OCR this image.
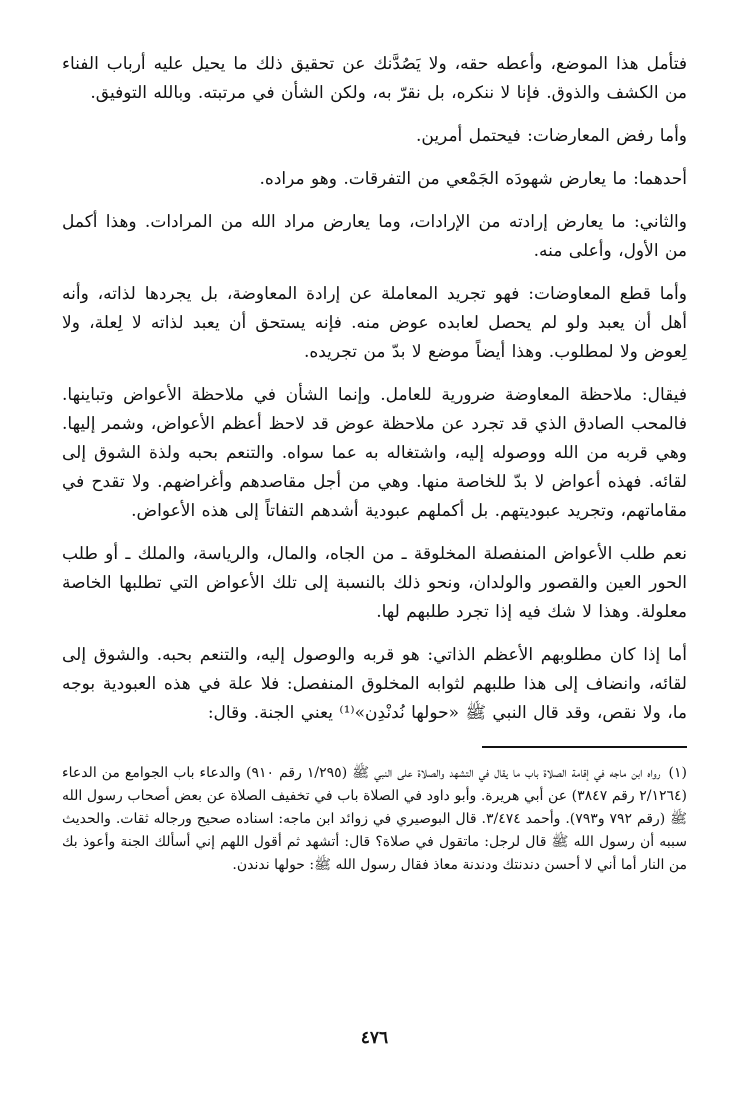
فتأمل هذا الموضع، وأعطه حقه، ولا يَصُدَّنك عن تحقيق ذلك ما يحيل عليه أرباب الفناء من الكشف والذوق. فإنا لا ننكره، بل نقرّ به، ولكن الشأن في مرتبته. وبالله التوفيق.

وأما رفض المعارضات: فيحتمل أمرين.

أحدهما: ما يعارض شهودَه الجَمْعي من التفرقات. وهو مراده.

والثاني: ما يعارض إرادته من الإرادات، وما يعارض مراد الله من المرادات. وهذا أكمل من الأول، وأعلى منه.

وأما قطع المعاوضات: فهو تجريد المعاملة عن إرادة المعاوضة، بل يجردها لذاته، وأنه أهل أن يعبد ولو لم يحصل لعابده عوض منه. فإنه يستحق أن يعبد لذاته لا لِعلة، ولا لِعوض ولا لمطلوب. وهذا أيضاً موضع لا بدّ من تجريده.

فيقال: ملاحظة المعاوضة ضرورية للعامل. وإنما الشأن في ملاحظة الأعواض وتباينها. فالمحب الصادق الذي قد تجرد عن ملاحظة عوض قد لاحظ أعظم الأعواض، وشمر إليها. وهي قربه من الله ووصوله إليه، واشتغاله به عما سواه. والتنعم بحبه ولذة الشوق إلى لقائه. فهذه أعواض لا بدّ للخاصة منها. وهي من أجل مقاصدهم وأغراضهم. ولا تقدح في مقاماتهم، وتجريد عبوديتهم. بل أكملهم عبودية أشدهم التفاتاً إلى هذه الأعواض.

نعم طلب الأعواض المنفصلة المخلوقة ـ من الجاه، والمال، والرياسة، والملك ـ أو طلب الحور العين والقصور والولدان، ونحو ذلك بالنسبة إلى تلك الأعواض التي تطلبها الخاصة معلولة. وهذا لا شك فيه إذا تجرد طلبهم لها.

أما إذا كان مطلوبهم الأعظم الذاتي: هو قربه والوصول إليه، والتنعم بحبه. والشوق إلى لقائه، وانضاف إلى هذا طلبهم لثوابه المخلوق المنفصل: فلا علة في هذه العبودية بوجه ما، ولا نقص، وقد قال النبي ﷺ «حولها نُدنْدِن»⁽¹⁾ يعني الجنة. وقال:

(١)رواه ابن ماجه في إقامة الصلاة باب ما يقال في التشهد والصلاة على النبي ﷺ (١/٢٩٥ رقم ٩١٠) والدعاء باب الجوامع من الدعاء (٢/١٢٦٤ رقم ٣٨٤٧) عن أبي هريرة. وأبو داود في الصلاة باب في تخفيف الصلاة عن بعض أصحاب رسول الله ﷺ (رقم ٧٩٢ و٧٩٣). وأحمد ٣/٤٧٤. قال البوصيري في زوائد ابن ماجه: اسناده صحيح ورجاله ثقات. والحديث سببه أن رسول الله ﷺ قال لرجل: ماتقول في صلاة؟ قال: أتشهد ثم أقول اللهم إني أسألك الجنة وأعوذ بك من النار أما أني لا أحسن دندنتك ودندنة معاذ فقال رسول الله ﷺ: حولها ندندن.
٤٧٦
